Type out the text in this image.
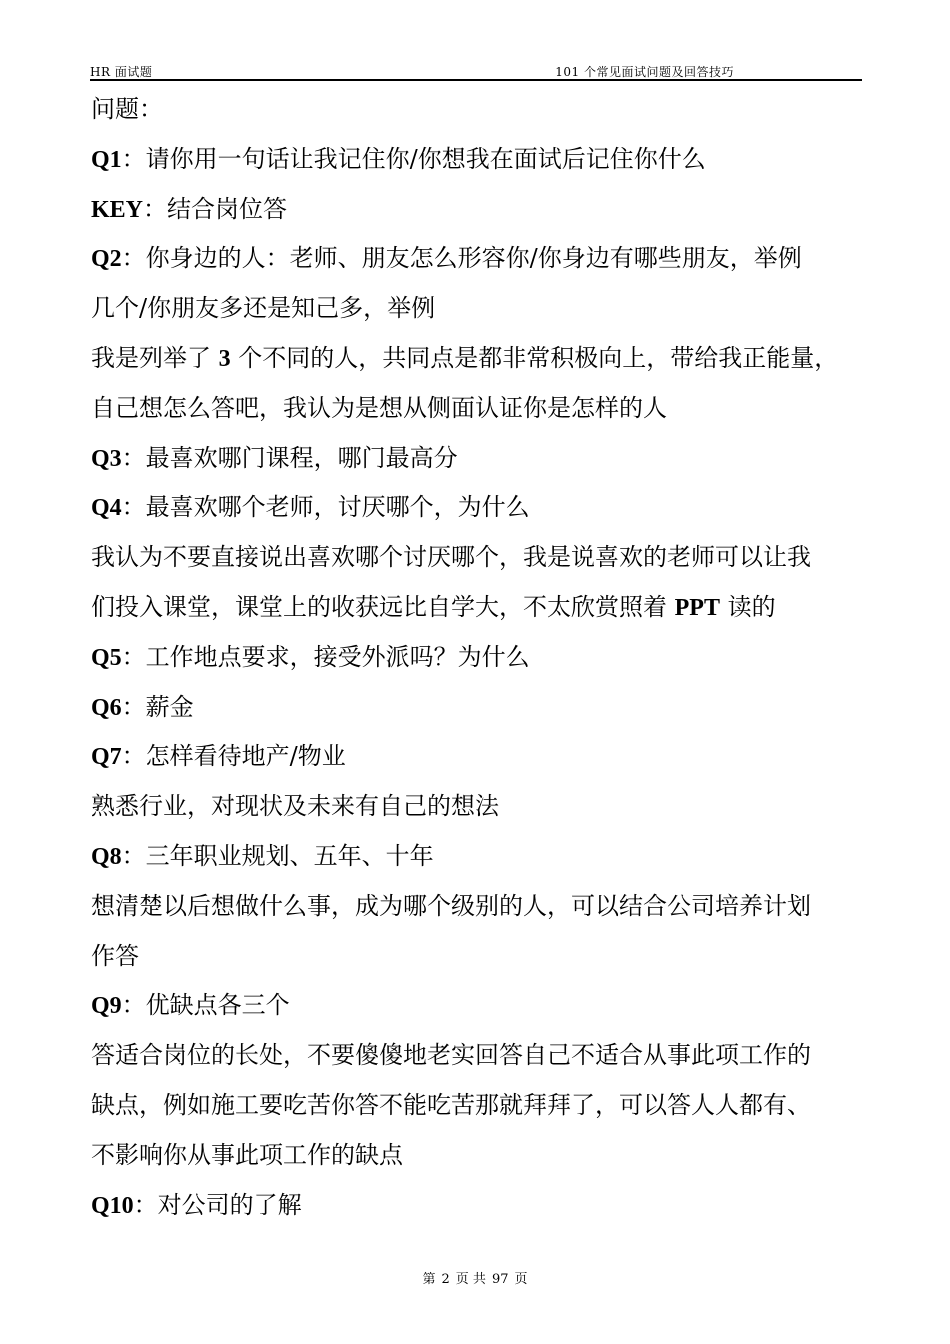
HR 面试题	101 个常见面试问题及回答技巧
问题：
Q1：请你用一句话让我记住你/你想我在面试后记住你什么
KEY：结合岗位答
Q2：你身边的人：老师、朋友怎么形容你/你身边有哪些朋友，举例
几个/你朋友多还是知己多，举例
我是列举了 3 个不同的人，共同点是都非常积极向上，带给我正能量，
自己想怎么答吧，我认为是想从侧面认证你是怎样的人
Q3：最喜欢哪门课程，哪门最高分
Q4：最喜欢哪个老师，讨厌哪个，为什么
我认为不要直接说出喜欢哪个讨厌哪个，我是说喜欢的老师可以让我
们投入课堂，课堂上的收获远比自学大，不太欣赏照着 PPT 读的
Q5：工作地点要求，接受外派吗？为什么
Q6：薪金
Q7：怎样看待地产/物业
熟悉行业，对现状及未来有自己的想法
Q8：三年职业规划、五年、十年
想清楚以后想做什么事，成为哪个级别的人，可以结合公司培养计划
作答
Q9：优缺点各三个
答适合岗位的长处，不要傻傻地老实回答自己不适合从事此项工作的
缺点，例如施工要吃苦你答不能吃苦那就拜拜了，可以答人人都有、
不影响你从事此项工作的缺点
Q10：对公司的了解
第 2 页 共 97 页
